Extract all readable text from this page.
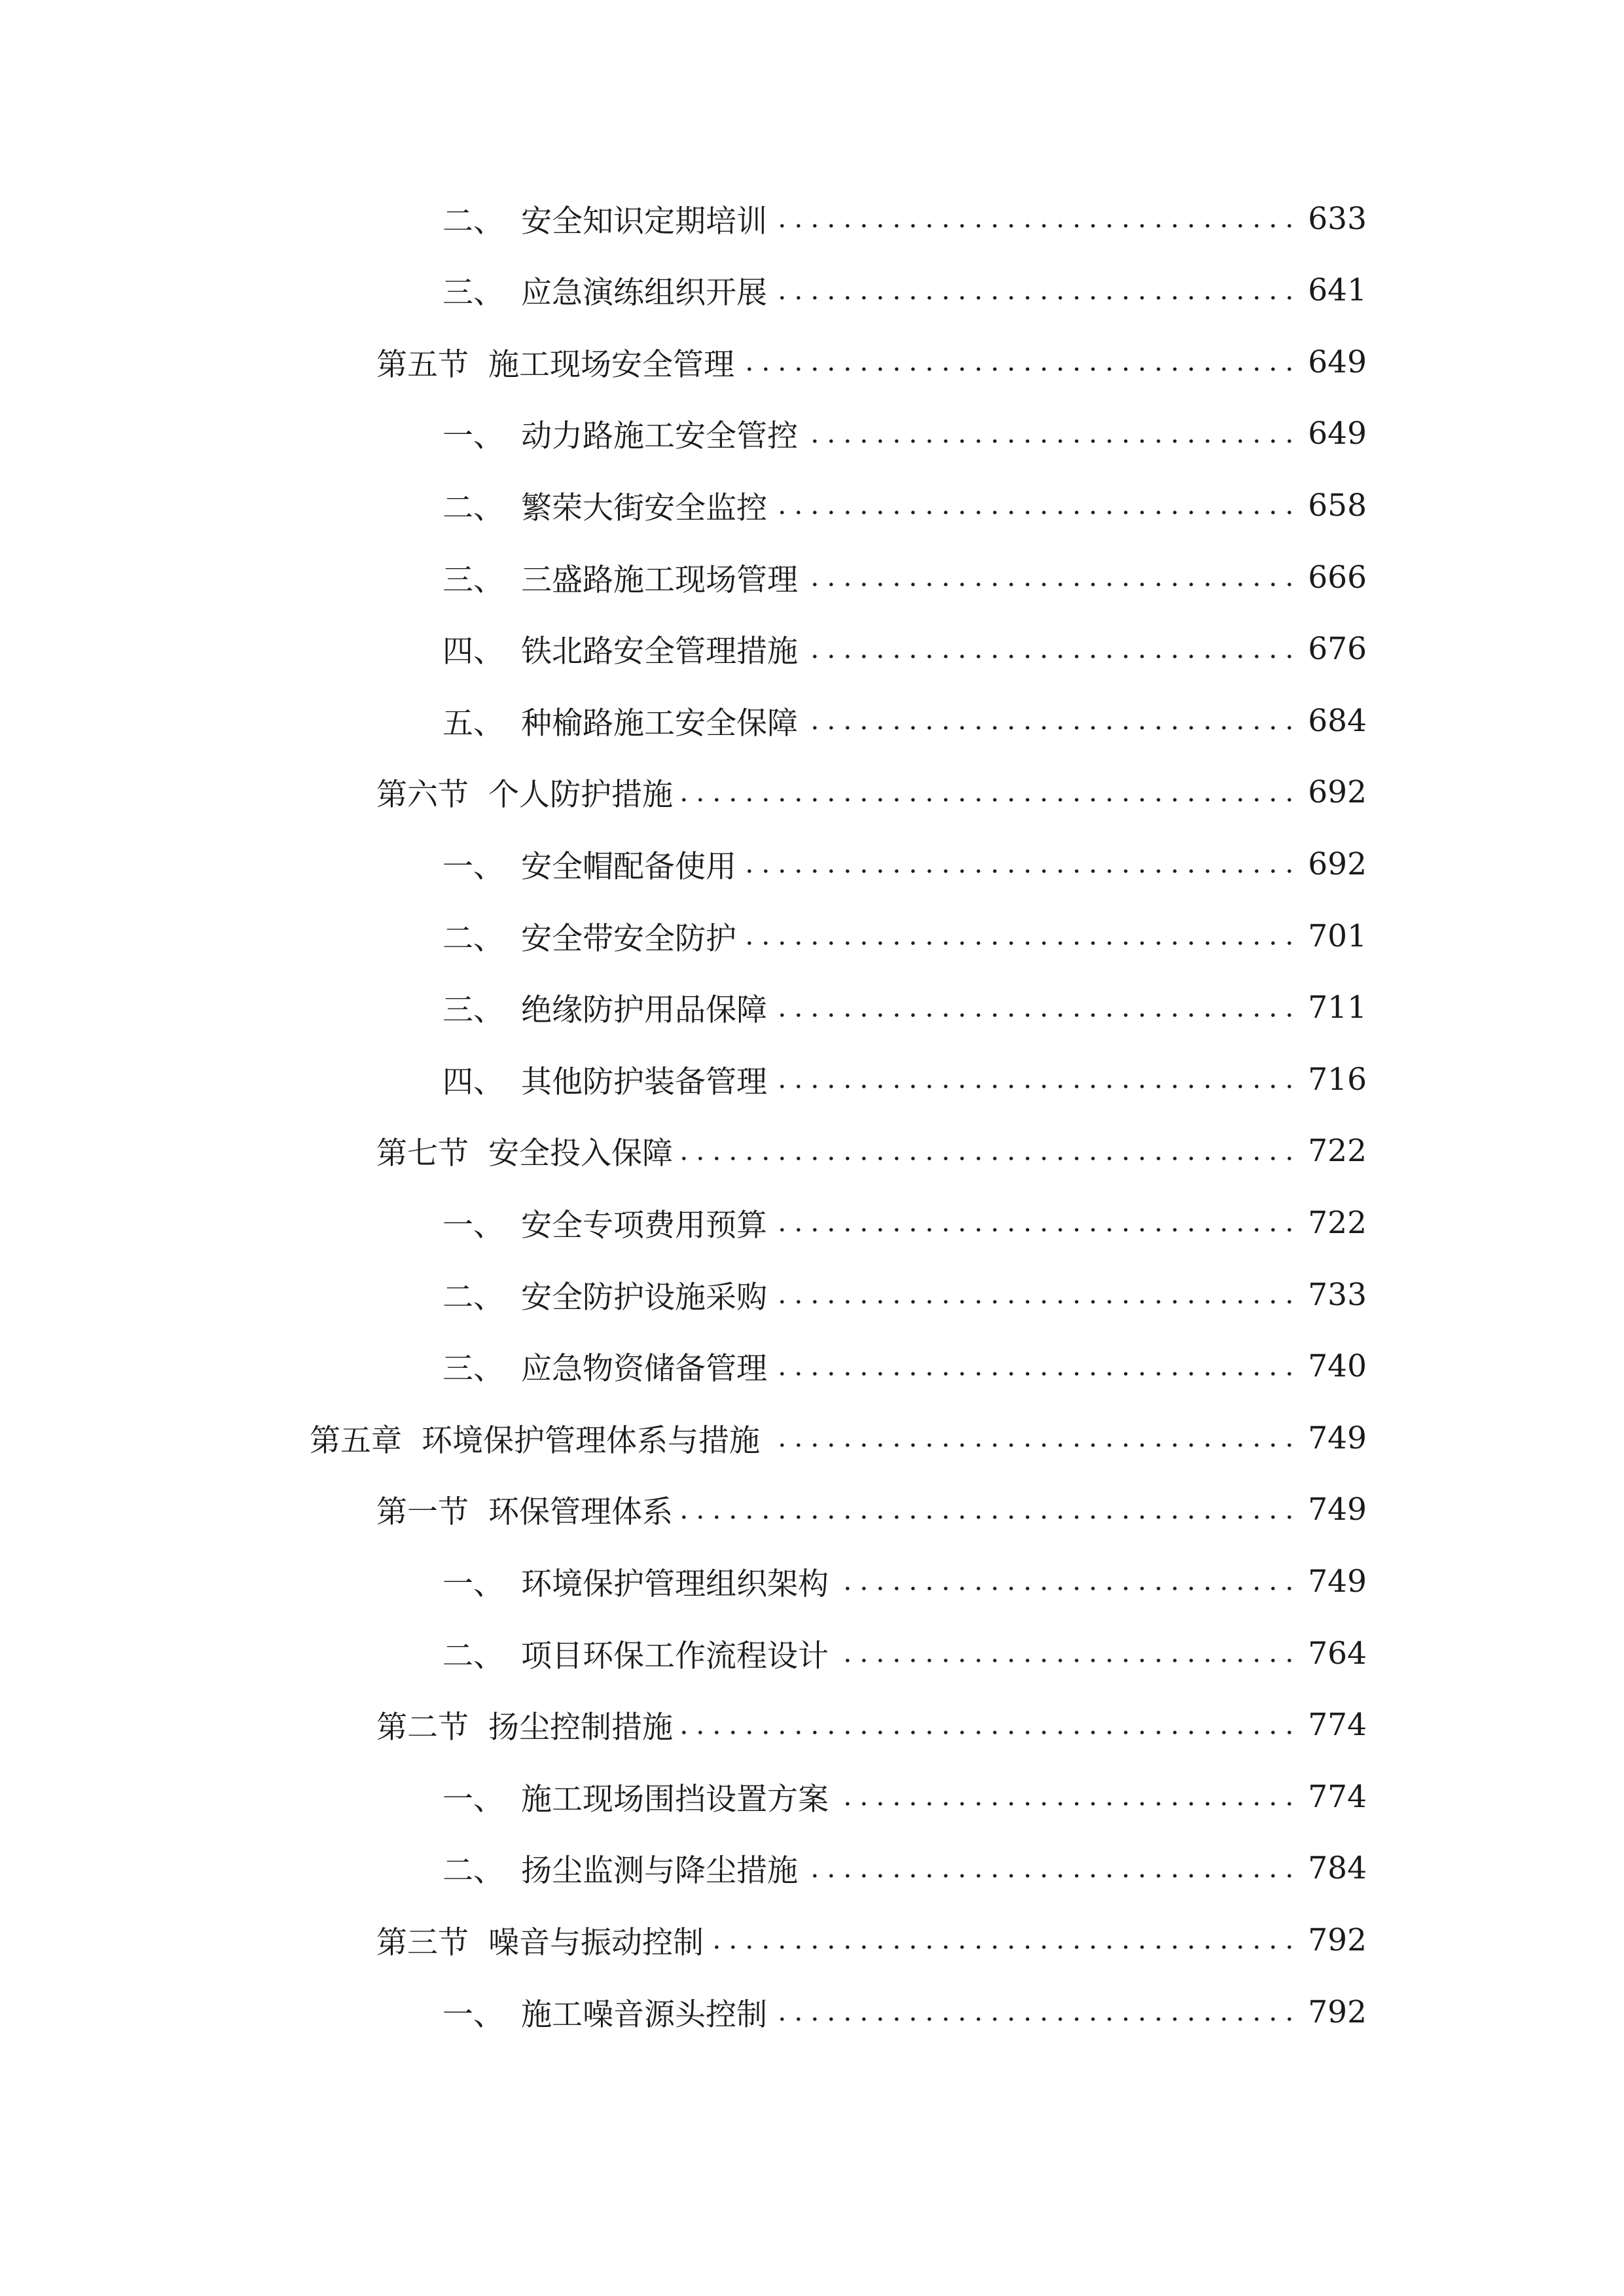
二、 安全知识定期培训	633
三、 应急演练组织开展	641
第五节 施工现场安全管理	649
一、 动力路施工安全管控	649
二、 繁荣大街安全监控	658
三、 三盛路施工现场管理	666
四、 铁北路安全管理措施	676
五、 种榆路施工安全保障	684
第六节 个人防护措施	692
一、 安全帽配备使用	692
二、 安全带安全防护	701
三、 绝缘防护用品保障	711
四、 其他防护装备管理	716
第七节 安全投入保障	722
一、 安全专项费用预算	722
二、 安全防护设施采购	733
三、 应急物资储备管理	740
第五章 环境保护管理体系与措施	749
第一节 环保管理体系	749
一、 环境保护管理组织架构	749
二、 项目环保工作流程设计	764
第二节 扬尘控制措施	774
一、 施工现场围挡设置方案	774
二、 扬尘监测与降尘措施	784
第三节 噪音与振动控制	792
一、 施工噪音源头控制	792
